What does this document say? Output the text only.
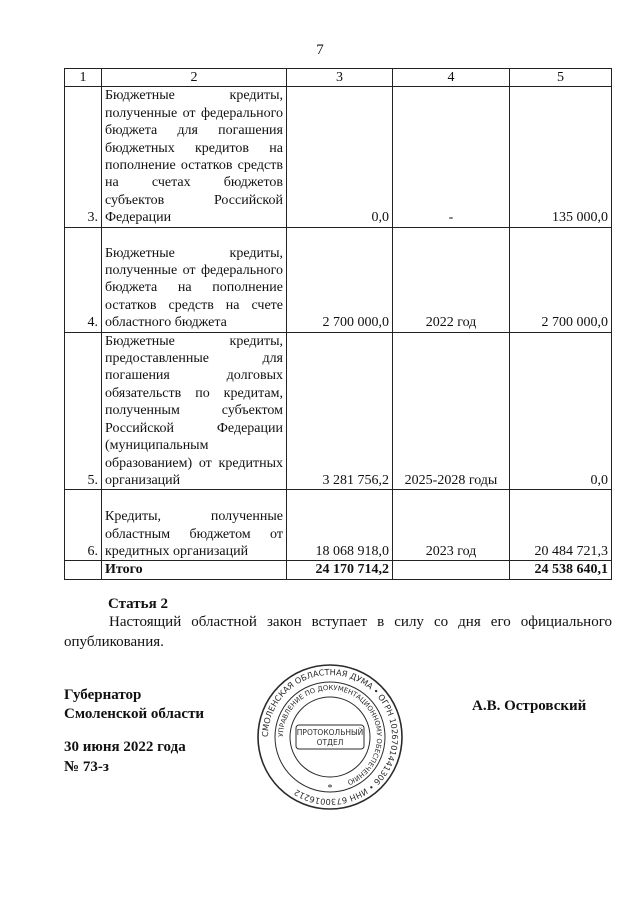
7
1	2	3	4	5
3.	Бюджетные кредиты, полученные от федерального бюджета для погашения бюджетных кредитов на пополнение остатков средств на счетах бюджетов субъектов Российской Федерации	0,0	-	135 000,0
4.	Бюджетные кредиты, полученные от федерального бюджета на пополнение остатков средств на счете областного бюджета	2 700 000,0	2022 год	2 700 000,0
5.	Бюджетные кредиты, предоставленные для погашения долговых обязательств по кредитам, полученным субъектом Российской Федерации (муниципальным образованием) от кредитных организаций	3 281 756,2	2025-2028 годы	0,0
6.	Кредиты, полученные областным бюджетом от кредитных организаций	18 068 918,0	2023 год	20 484 721,3
	Итого	24 170 714,2		24 538 640,1
Статья 2
Настоящий областной закон вступает в силу со дня его официального опубликования.
Губернатор
Смоленской области	А.В. Островский
30 июня 2022 года
№ 73-з
СМОЛЕНСКАЯ ОБЛАСТНАЯ ДУМА • ОГРН 1026701441306 • ИНН 6730016212
УПРАВЛЕНИЕ ПО ДОКУМЕНТАЦИОННОМУ ОБЕСПЕЧЕНИЮ
ПРОТОКОЛЬНЫЙ
ОТДЕЛ
*
